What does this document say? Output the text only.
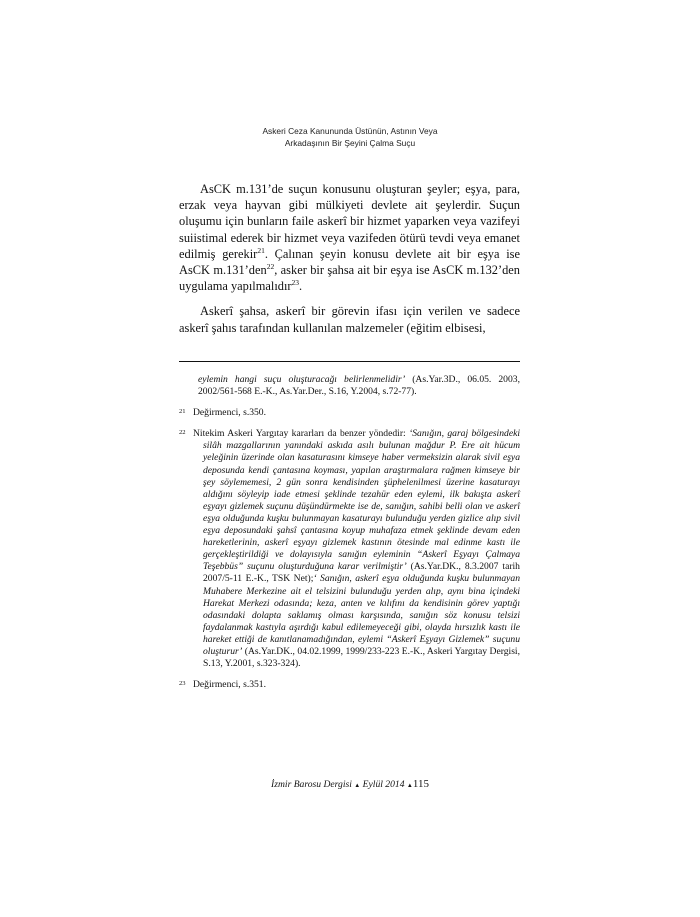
Askeri Ceza Kanununda Üstünün, Astının Veya
Arkadaşının Bir Şeyini Çalma Suçu

AsCK m.131’de suçun konusunu oluşturan şeyler; eşya, para, erzak veya hayvan gibi mülkiyeti devlete ait şeylerdir. Suçun oluşumu için bunların faile askerî bir hizmet yaparken veya vazifeyi suiistimal ederek bir hizmet veya vazifeden ötürü tevdi veya emanet edilmiş gerekir$^{21}$. Çalınan şeyin konusu devlete ait bir eşya ise AsCK m.131’den$^{22}$, asker bir şahsa ait bir eşya ise AsCK m.132’den uygulama yapılmalıdır$^{23}$.

Askerî şahsa, askerî bir görevin ifası için verilen ve sadece askerî şahıs tarafından kullanılan malzemeler (eğitim elbisesi,

eylemin hangi suçu oluşturacağı belirlenmelidir’ (As.Yar.3D., 06.05. 2003, 2002/561-568 E.-K., As.Yar.Der., S.16, Y.2004, s.72-77).
21 Değirmenci, s.350.
22 Nitekim Askeri Yargıtay kararları da benzer yöndedir: ‘Sanığın, garaj bölgesindeki silâh mazgallarının yanındaki askıda asılı bulunan mağdur P. Ere ait hücum yeleğinin üzerinde olan kasaturasını kimseye haber vermeksizin alarak sivil eşya deposunda kendi çantasına koyması, yapılan araştırmalara rağmen kimseye bir şey söylememesi, 2 gün sonra kendisinden şüphelenilmesi üzerine kasaturayı aldığını söyleyip iade etmesi şeklinde tezahür eden eylemi, ilk bakışta askerî eşyayı gizlemek suçunu düşündürmekte ise de, sanığın, sahibi belli olan ve askerî eşya olduğunda kuşku bulunmayan kasaturayı bulunduğu yerden gizlice alıp sivil eşya deposundaki şahsî çantasına koyup muhafaza etmek şeklinde devam eden hareketlerinin, askerî eşyayı gizlemek kastının ötesinde mal edinme kastı ile gerçekleştirildiği ve dolayısıyla sanığın eyleminin “Askerî Eşyayı Çalmaya Teşebbüs” suçunu oluşturduğuna karar verilmiştir’ (As.Yar.DK., 8.3.2007 tarih 2007/5-11 E.-K., TSK Net);‘ Sanığın, askerî eşya olduğunda kuşku bulunmayan Muhabere Merkezine ait el telsizini bulunduğu yerden alıp, aynı bina içindeki Harekat Merkezi odasında; keza, anten ve kılıfını da kendisinin görev yaptığı odasındaki dolapta saklamış olması karşısında, sanığın söz konusu telsizi faydalanmak kastıyla aşırdığı kabul edilemeyeceği gibi, olayda hırsızlık kastı ile hareket ettiği de kanıtlanamadığından, eylemi “Askerî Eşyayı Gizlemek” suçunu oluşturur’ (As.Yar.DK., 04.02.1999, 1999/233-223 E.-K., Askeri Yargıtay Dergisi, S.13, Y.2001, s.323-324).
23 Değirmenci, s.351.
İzmir Barosu Dergisi ▲ Eylül 2014 ▲115
